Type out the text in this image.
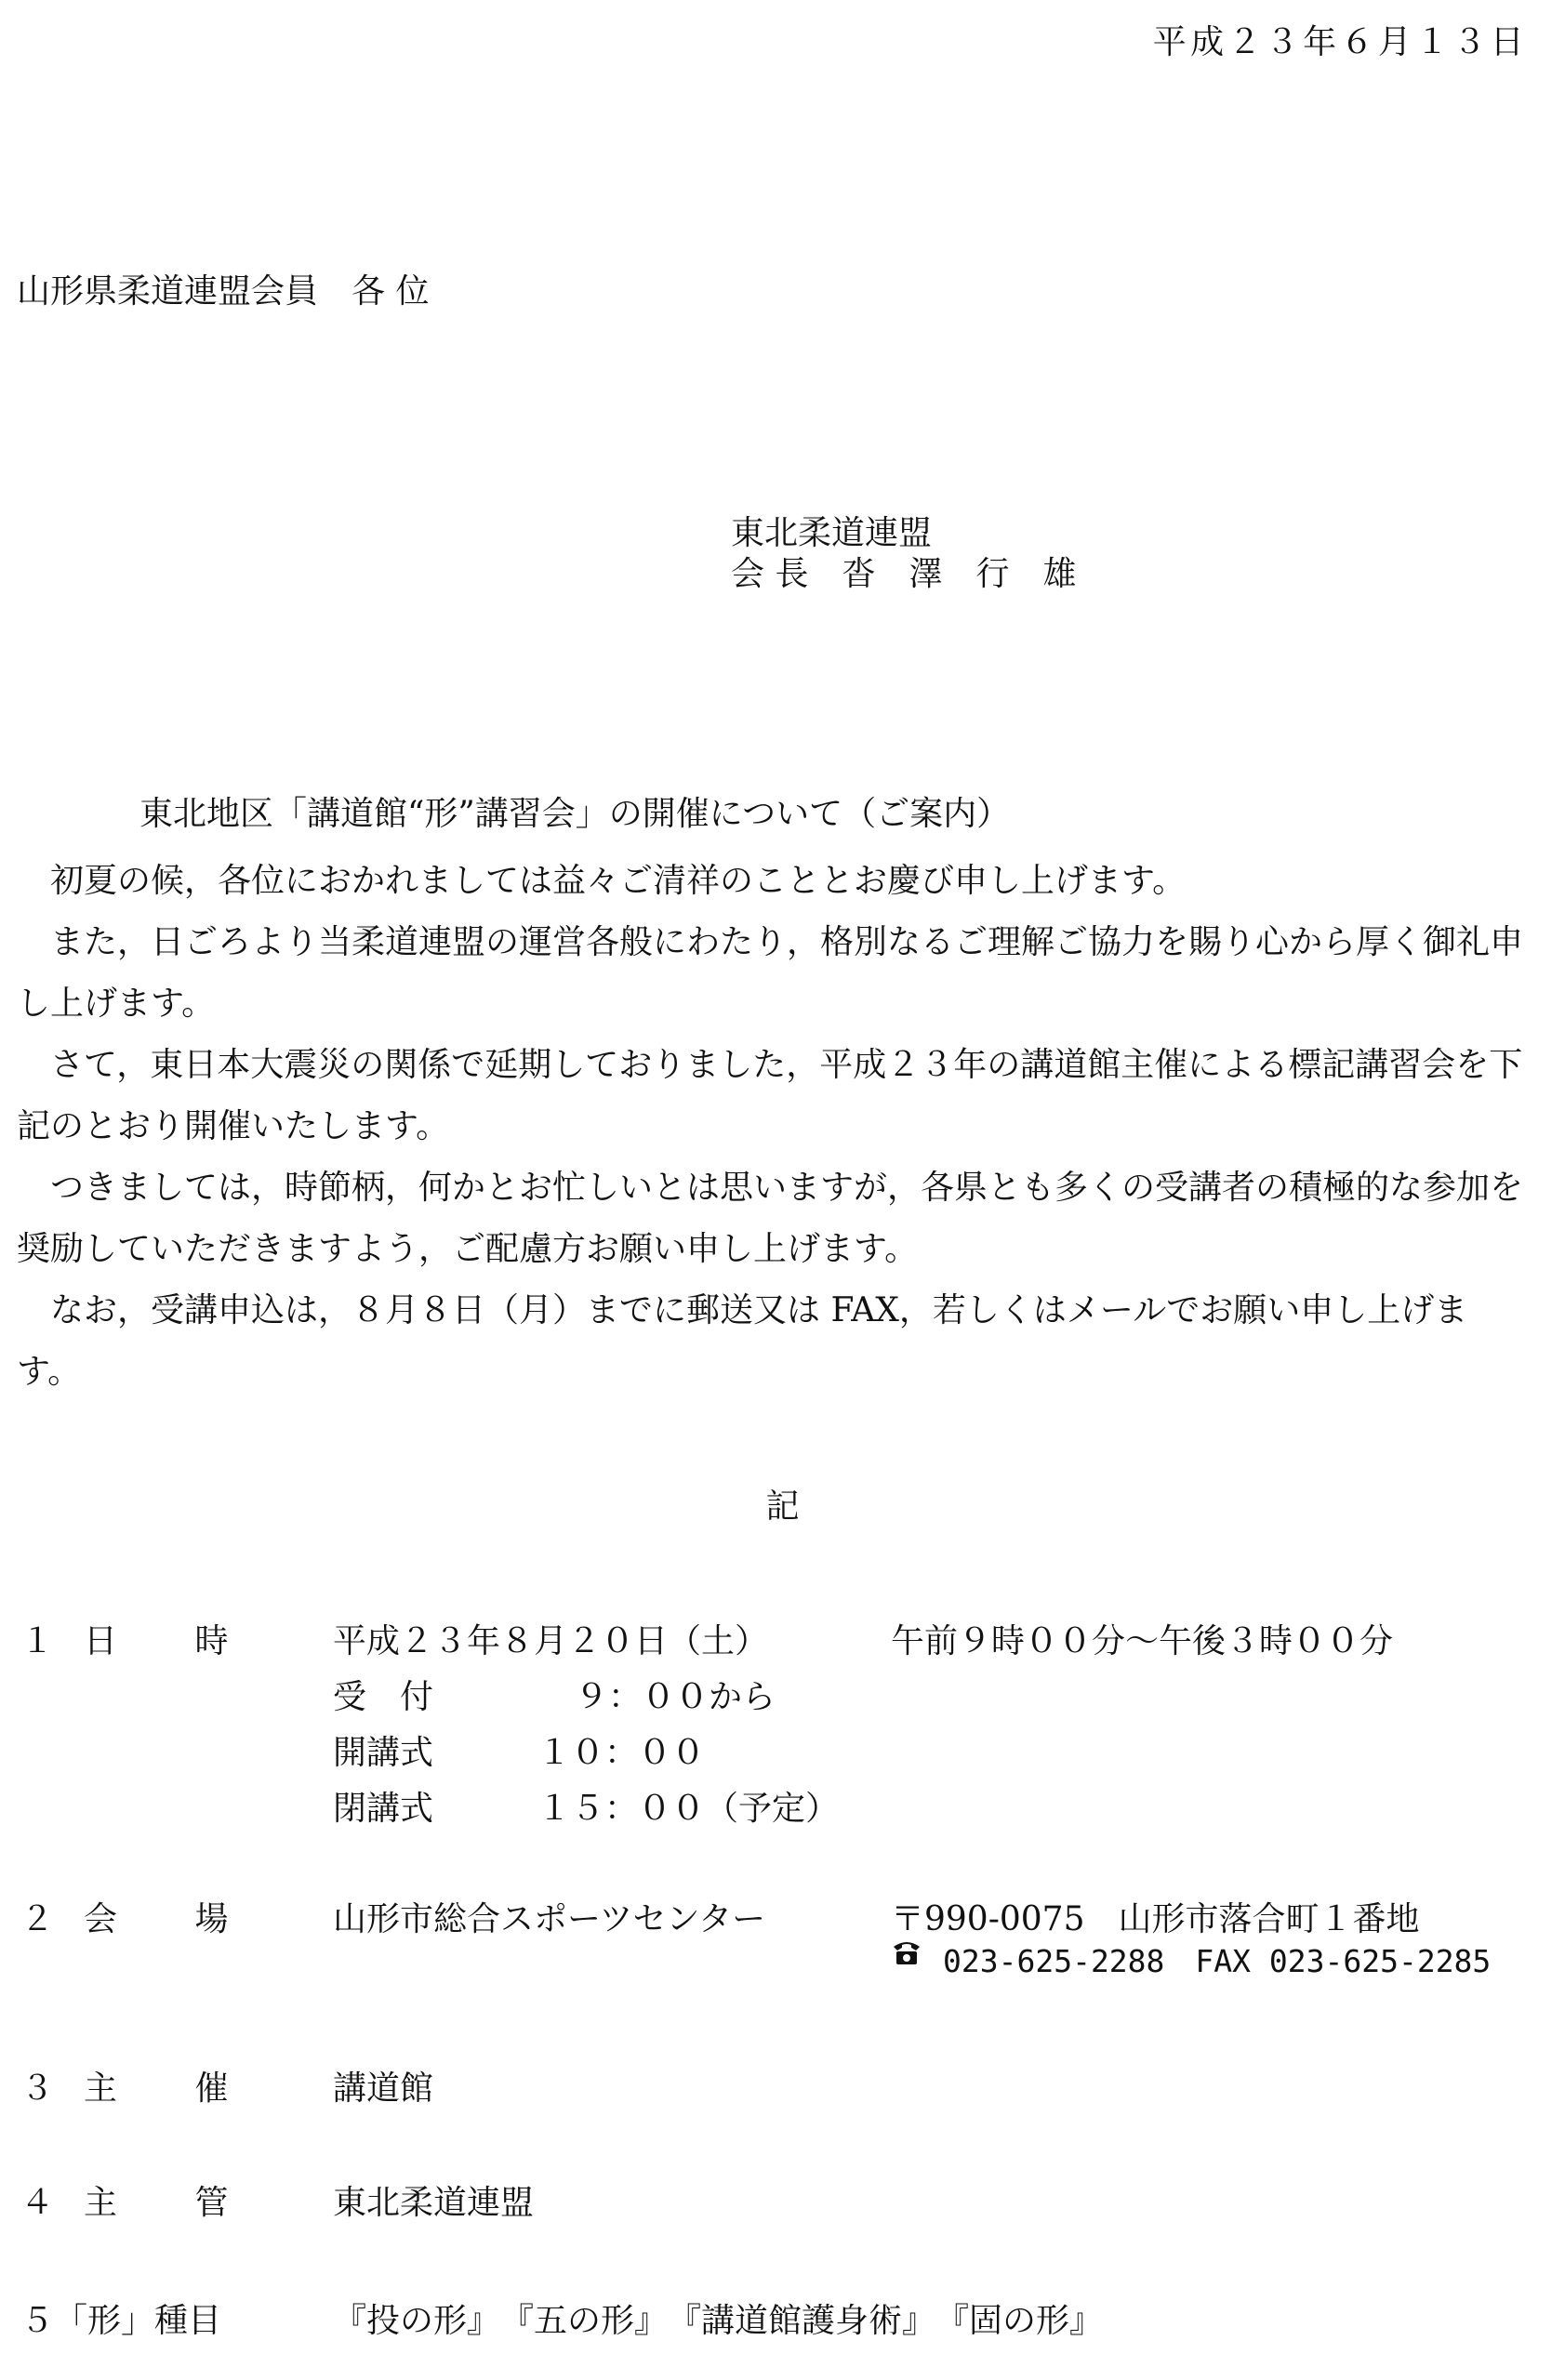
平成２３年６月１３日
山形県柔道連盟会員　各 位
東北柔道連盟
会 長　沓　澤　行　雄
東北地区「講道館“形”講習会」の開催について（ご案内）

初夏の候，各位におかれましては益々ご清祥のこととお慶び申し上げます。

また，日ごろより当柔道連盟の運営各般にわたり，格別なるご理解ご協力を賜り心から厚く御礼申し上げます。

さて，東日本大震災の関係で延期しておりました，平成２３年の講道館主催による標記講習会を下記のとおり開催いたします。

つきましては，時節柄，何かとお忙しいとは思いますが，各県とも多くの受講者の積極的な参加を奨励していただきますよう，ご配慮方お願い申し上げます。

なお，受講申込は，８月８日（月）までに郵送又は FAX，若しくはメールでお願い申し上げます。

記
１ 日　　 時	平成２３年８月２０日（土）	午前９時００分～午後３時００分
受　付	９：００から
開講式	１０：００
閉講式	１５：００（予定）
２ 会　　 場	山形市総合スポーツセンター	〒990-0075　山形市落合町１番地
023-625-2288　FAX 023-625-2285
３ 主　　 催	講道館
４ 主　　 管	東北柔道連盟
５ 「形」種目	『投の形』　『五の形』　『講道館護身術』　『固の形』
